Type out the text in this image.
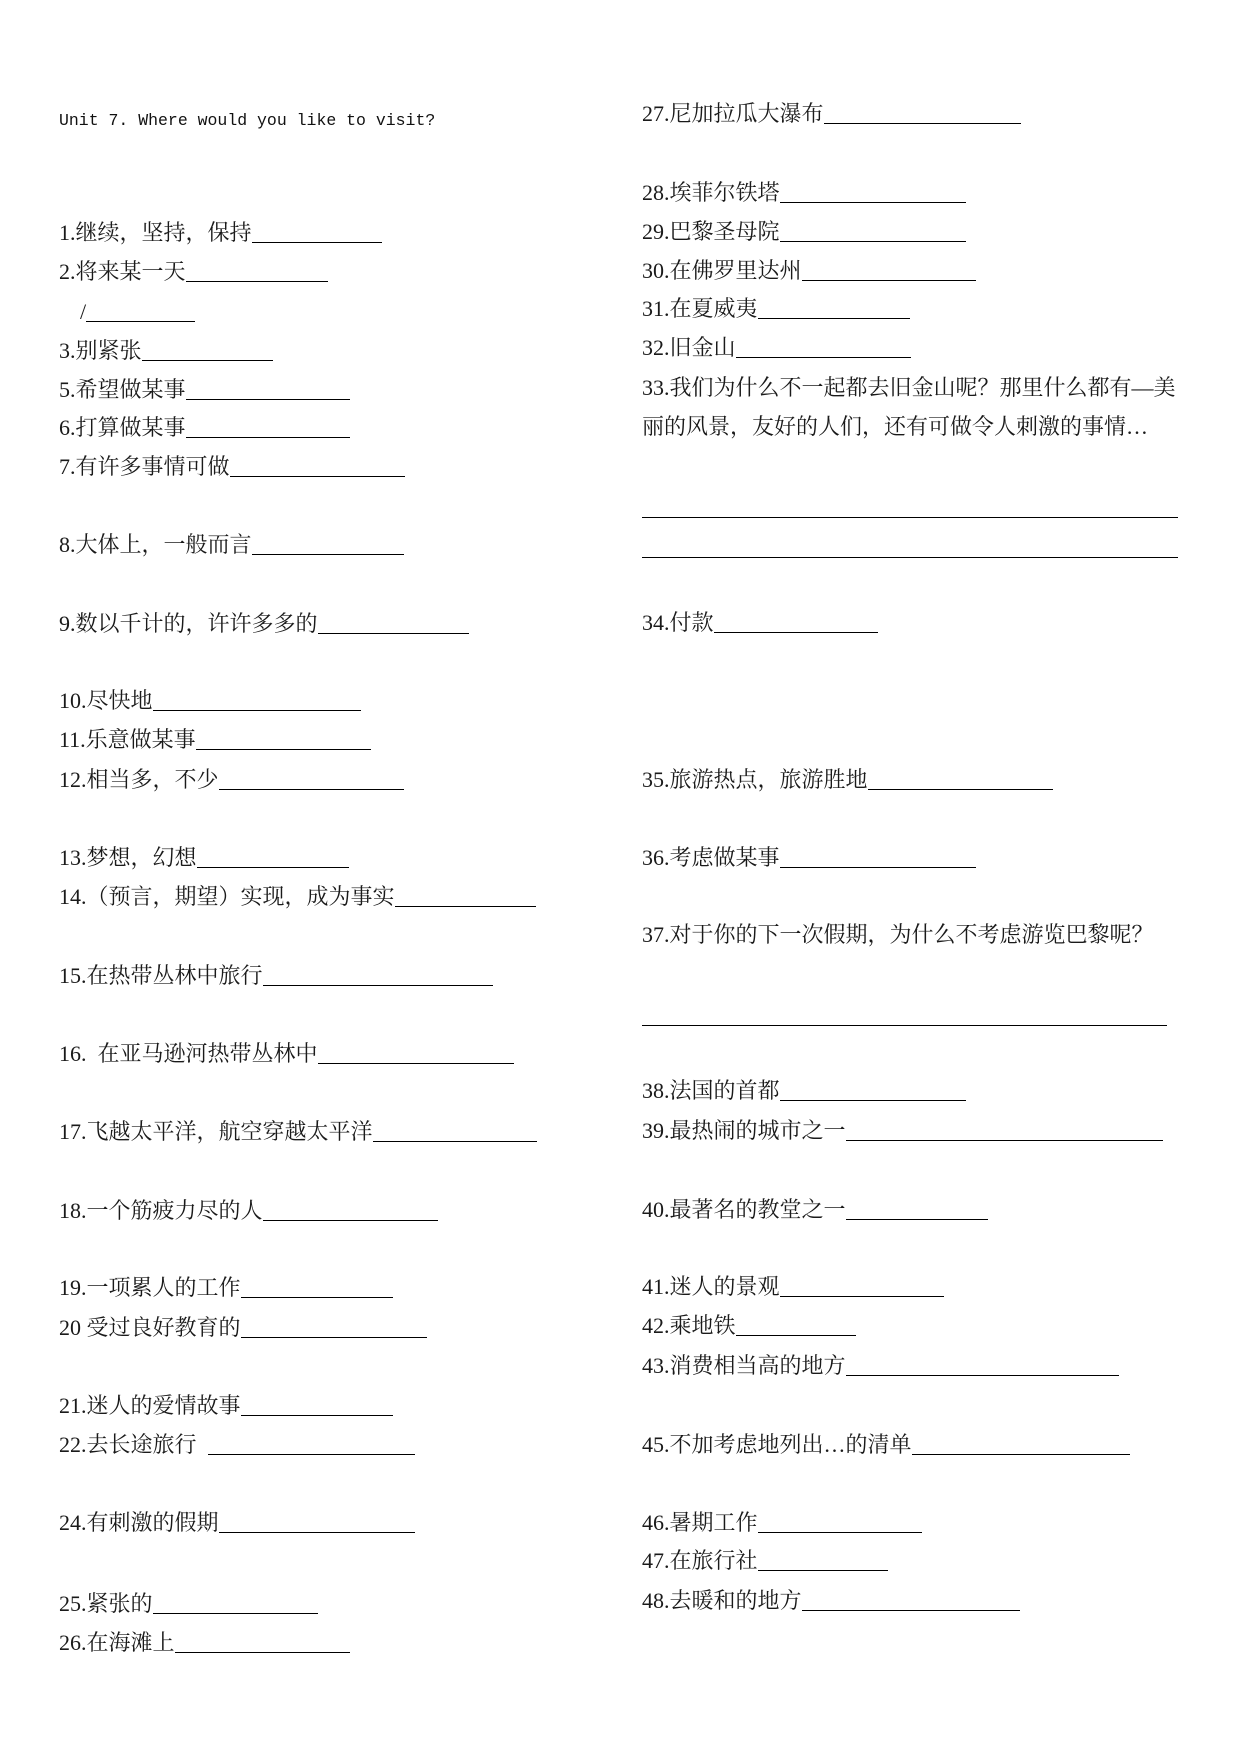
Unit 7. Where would you like to visit?
1.继续，坚持，保持
2.将来某一天
/
3.别紧张
5.希望做某事
6.打算做某事
7.有许多事情可做
8.大体上，一般而言
9.数以千计的，许许多多的
10.尽快地
11.乐意做某事
12.相当多，不少
13.梦想，幻想
14.（预言，期望）实现，成为事实
15.在热带丛林中旅行
16.  在亚马逊河热带丛林中
17.飞越太平洋，航空穿越太平洋
18.一个筋疲力尽的人
19.一项累人的工作
20 受过良好教育的
21.迷人的爱情故事
22.去长途旅行
24.有刺激的假期
25.紧张的
26.在海滩上
27.尼加拉瓜大瀑布
28.埃菲尔铁塔
29.巴黎圣母院
30.在佛罗里达州
31.在夏威夷
32.旧金山
33.我们为什么不一起都去旧金山呢？那里什么都有—美
丽的风景，友好的人们，还有可做令人刺激的事情…
34.付款
35.旅游热点，旅游胜地
36.考虑做某事
37.对于你的下一次假期，为什么不考虑游览巴黎呢？
38.法国的首都
39.最热闹的城市之一
40.最著名的教堂之一
41.迷人的景观
42.乘地铁
43.消费相当高的地方
45.不加考虑地列出…的清单
46.暑期工作
47.在旅行社
48.去暖和的地方
